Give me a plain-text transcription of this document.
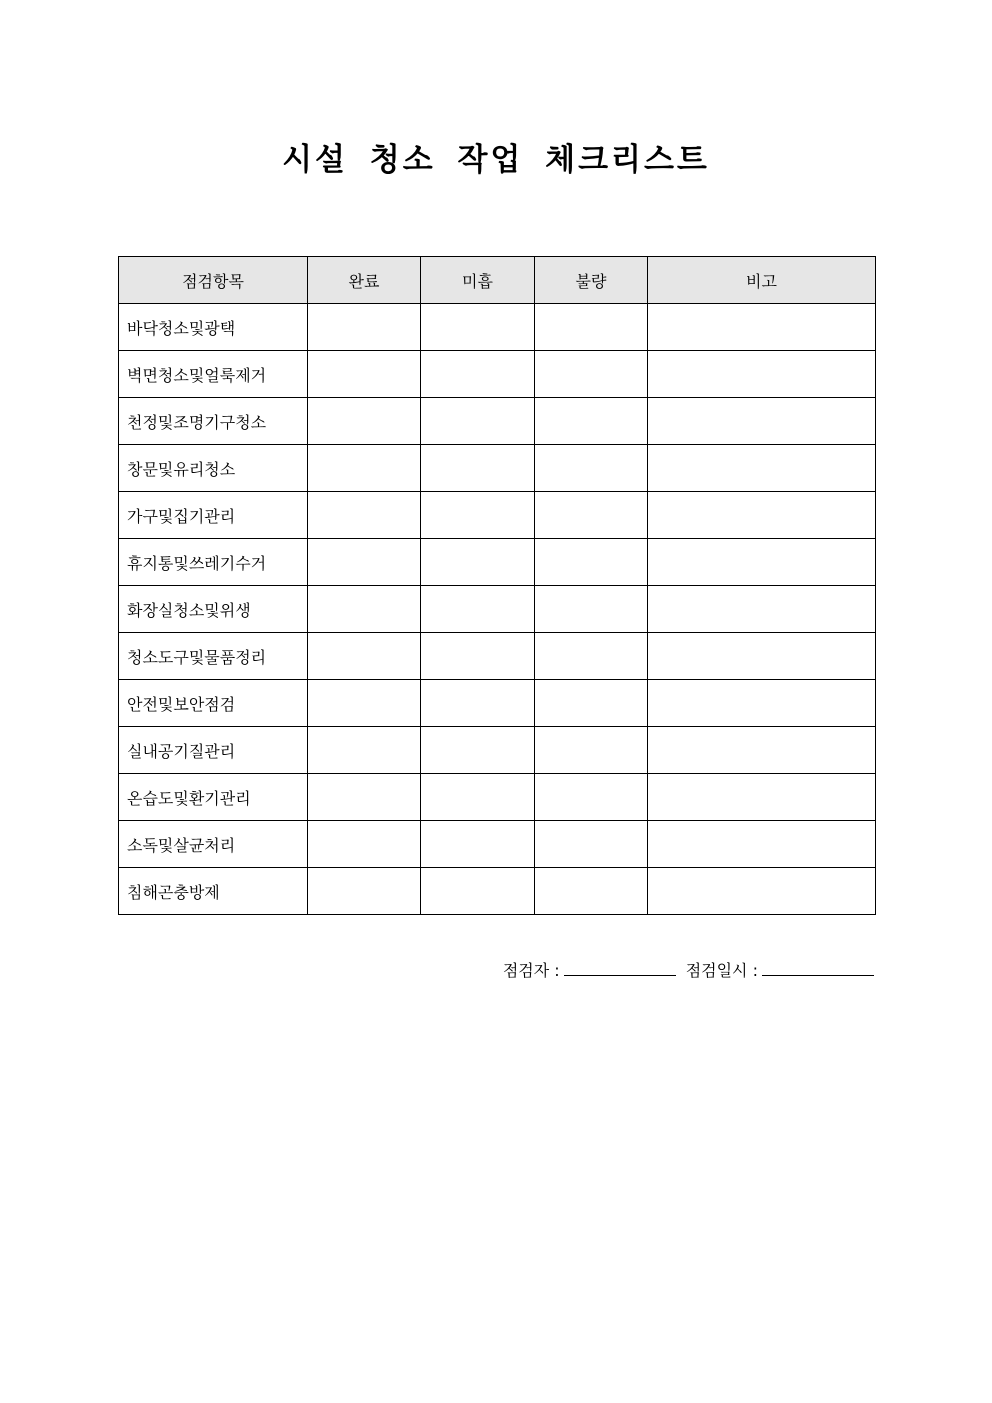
시설 청소 작업 체크리스트
점검항목	완료	미흡	불량	비고
바닥청소및광택				
벽면청소및얼룩제거				
천정및조명기구청소				
창문및유리청소				
가구및집기관리				
휴지통및쓰레기수거				
화장실청소및위생				
청소도구및물품정리				
안전및보안점검				
실내공기질관리				
온습도및환기관리				
소독및살균처리				
침해곤충방제				
점검자 :	점검일시 :
